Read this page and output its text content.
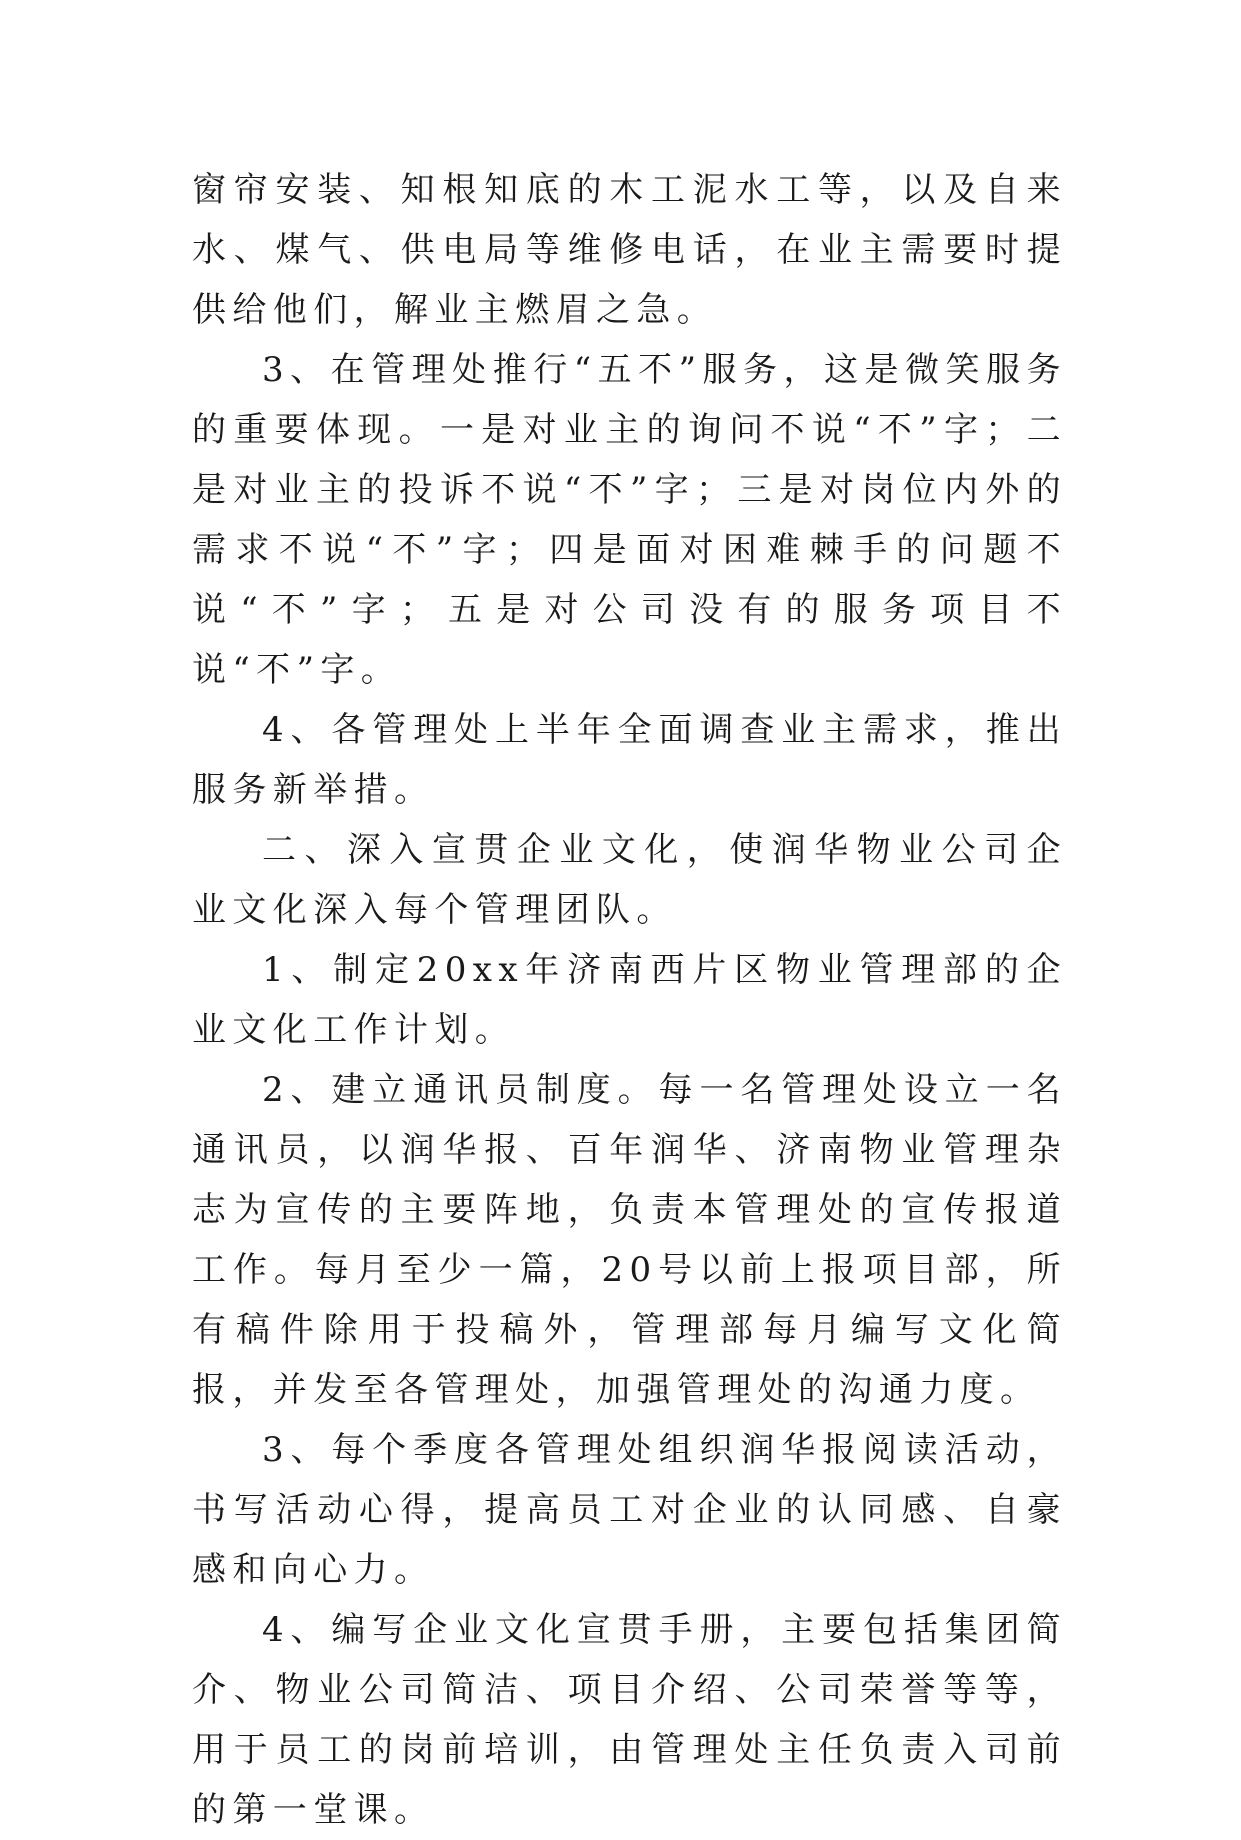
窗帘安装、知根知底的木工泥水工等，以及自来水、煤气、供电局等维修电话，在业主需要时提供给他们，解业主燃眉之急。

3、在管理处推行“五不”服务，这是微笑服务的重要体现。一是对业主的询问不说“不”字；二是对业主的投诉不说“不”字；三是对岗位内外的需求不说“不”字；四是面对困难棘手的问题不说“不”字；五是对公司没有的服务项目不说“不”字。

4、各管理处上半年全面调查业主需求，推出服务新举措。

二、深入宣贯企业文化，使润华物业公司企业文化深入每个管理团队。

1、制定20xx年济南西片区物业管理部的企业文化工作计划。

2、建立通讯员制度。每一名管理处设立一名通讯员，以润华报、百年润华、济南物业管理杂志为宣传的主要阵地，负责本管理处的宣传报道工作。每月至少一篇，20号以前上报项目部，所有稿件除用于投稿外，管理部每月编写文化简报，并发至各管理处，加强管理处的沟通力度。

3、每个季度各管理处组织润华报阅读活动，书写活动心得，提高员工对企业的认同感、自豪感和向心力。

4、编写企业文化宣贯手册，主要包括集团简介、物业公司简洁、项目介绍、公司荣誉等等，用于员工的岗前培训，由管理处主任负责入司前的第一堂课。
